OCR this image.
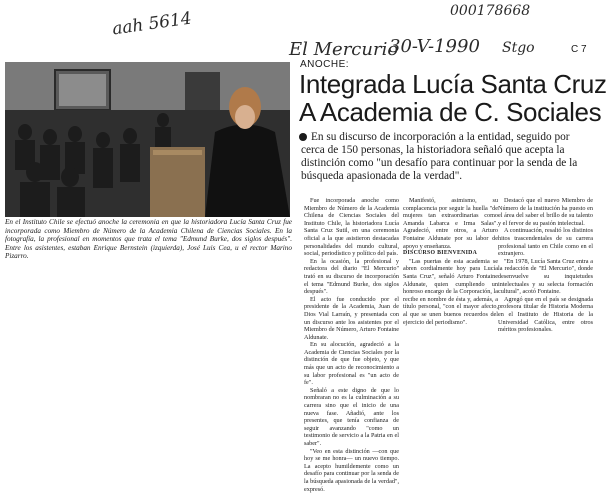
aah 5614	000178668
El Mercurio
30-V-1990 Stgo	C 7
En el Instituto Chile se efectuó anoche la ceremonia en que la historiadora Lucía Santa Cruz fue incorporada como Miembro de Número de la Academia Chilena de Ciencias Sociales. En la fotografía, la profesional en momentos que trata el tema "Edmund Burke, dos siglos después". Entre los asistentes, estaban Enrique Bernstein (izquierda), José Luis Cea, u el rector Marino Pizarro.
ANOCHE:
Integrada Lucía Santa Cruz
A Academia de C. Sociales
En su discurso de incorporación a la entidad, seguido por cerca de 150 personas, la historiadora señaló que acepta la distinción como "un desafío para continuar por la senda de la búsqueda apasionada de la verdad".

Fue incorporada anoche como Miembro de Número de la Academia Chilena de Ciencias Sociales del Instituto Chile, la historiadora Lucía Santa Cruz Sutil, en una ceremonia oficial a la que asistieron destacadas personalidades del mundo cultural, social, periodístico y político del país.

En la ocasión, la profesional y redactora del diario "El Mercurio" trató en su discurso de incorporación el tema "Edmund Burke, dos siglos después".

El acto fue conducido por el presidente de la Academia, Juan de Dios Vial Larraín, y presentada con un discurso ante los asistentes por el Miembro de Número, Arturo Fontaine Aldunate.

En su alocución, agradeció a la Academia de Ciencias Sociales por la distinción de que fue objeto, y que más que un acto de reconocimiento a su labor profesional es "un acto de fe".

Señaló a este digno de que lo nombraran no es la culminación a su carrera sino que el inicio de una nueva fase. Añadió, ante los presentes, que tenía confianza de seguir avanzando "como un testimonio de servicio a la Patria en el saber".

"Veo en esta distinción —con que hoy se me honra— un nuevo tiempo. La acepto humildemente como un desafío para continuar por la senda de la búsqueda apasionada de la verdad", expresó.

Manifestó, asimismo, su complacencia por seguir la huella "de mujeres tan extraordinarias como Amanda Labarca e Irma Salas". Agradeció, entre otros, a Arturo Fontaine Aldunate por su labor de apoyo y enseñanza.

DISCURSO BIENVENIDA

"Las puertas de esta academia se abren cordialmente hoy para Lucía Santa Cruz", señaló Arturo Fontaine Aldunate, quien cumpliendo un honroso encargo de la Corporación, la recibe en nombre de ésta y, además, a título personal, "con el mayor afecto, al que se unen buenos recuerdos del ejercicio del periodismo".

Destacó que el nuevo Miembro de Número de la institución ha puesto en el área del saber el brillo de su talento y el fervor de su pasión intelectual.

A continuación, resaltó los distintos hitos trascendentales de su carrera profesional tanto en Chile como en el extranjero.

"En 1978, Lucía Santa Cruz entra a la redacción de "El Mercurio", donde desenvuelve su inquietudes intelectuales y su selecta formación cultural", acotó Fontaine.

Agregó que en el país se designada profesora titular de Historia Moderna en el Instituto de Historia de la Universidad Católica, entre otros méritos profesionales.
